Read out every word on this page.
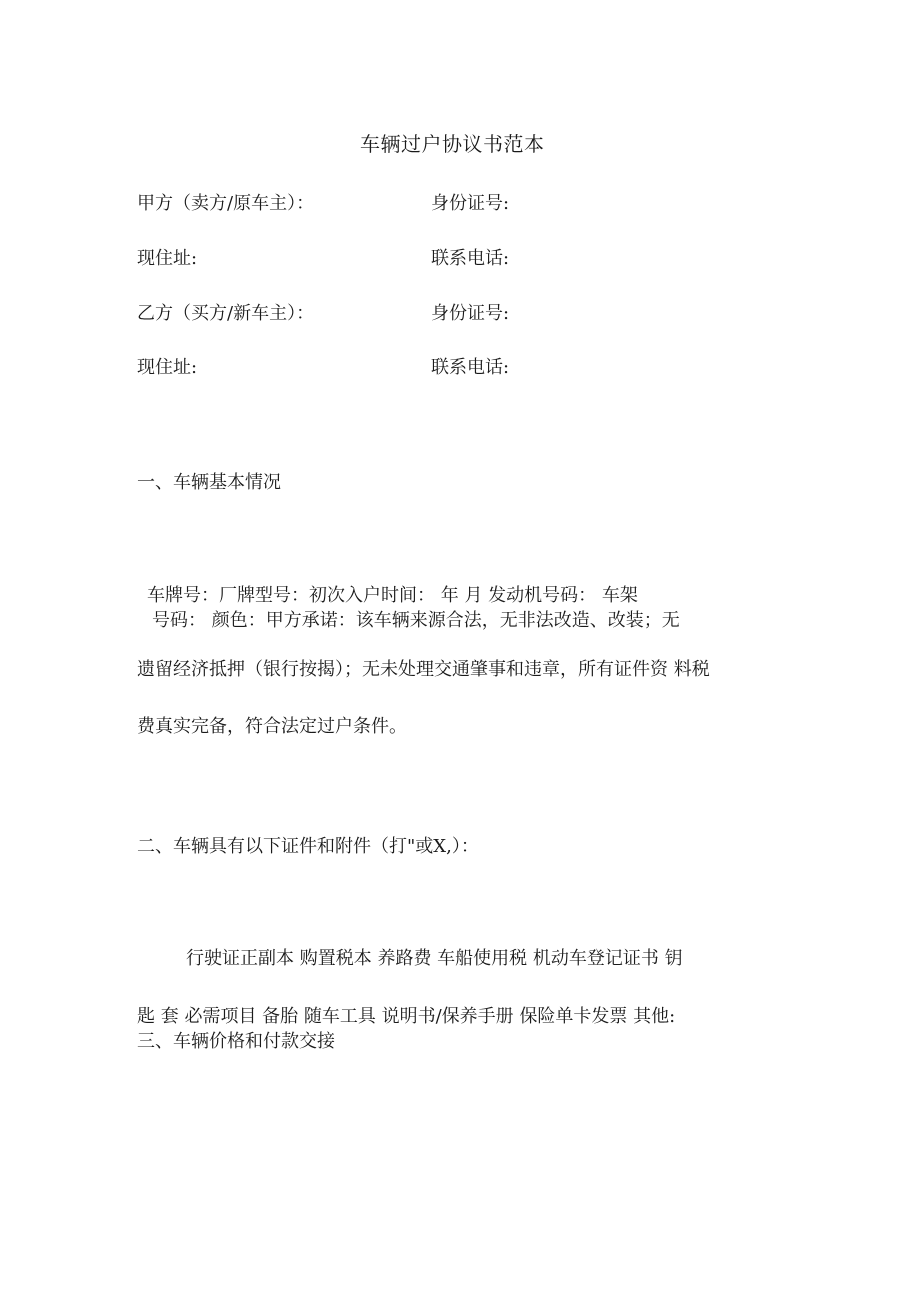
车辆过户协议书范本
甲方（卖方/原车主）：	身份证号:
现住址:	联系电话:
乙方（买方/新车主）：	身份证号:
现住址:	联系电话:
一、车辆基本情况
车牌号：厂牌型号：初次入户时间： 年 月 发动机号码： 车架
号码： 颜色：甲方承诺：该车辆来源合法，无非法改造、改装；无
遗留经济抵押（银行按揭）；无未处理交通肇事和违章，所有证件资 料税
费真实完备，符合法定过户条件。
二、车辆具有以下证件和附件（打"或X,）：
行驶证正副本 购置税本 养路费 车船使用税 机动车登记证书 钥
匙 套 必需项目 备胎 随车工具 说明书/保养手册 保险单卡发票 其他:
三、车辆价格和付款交接
